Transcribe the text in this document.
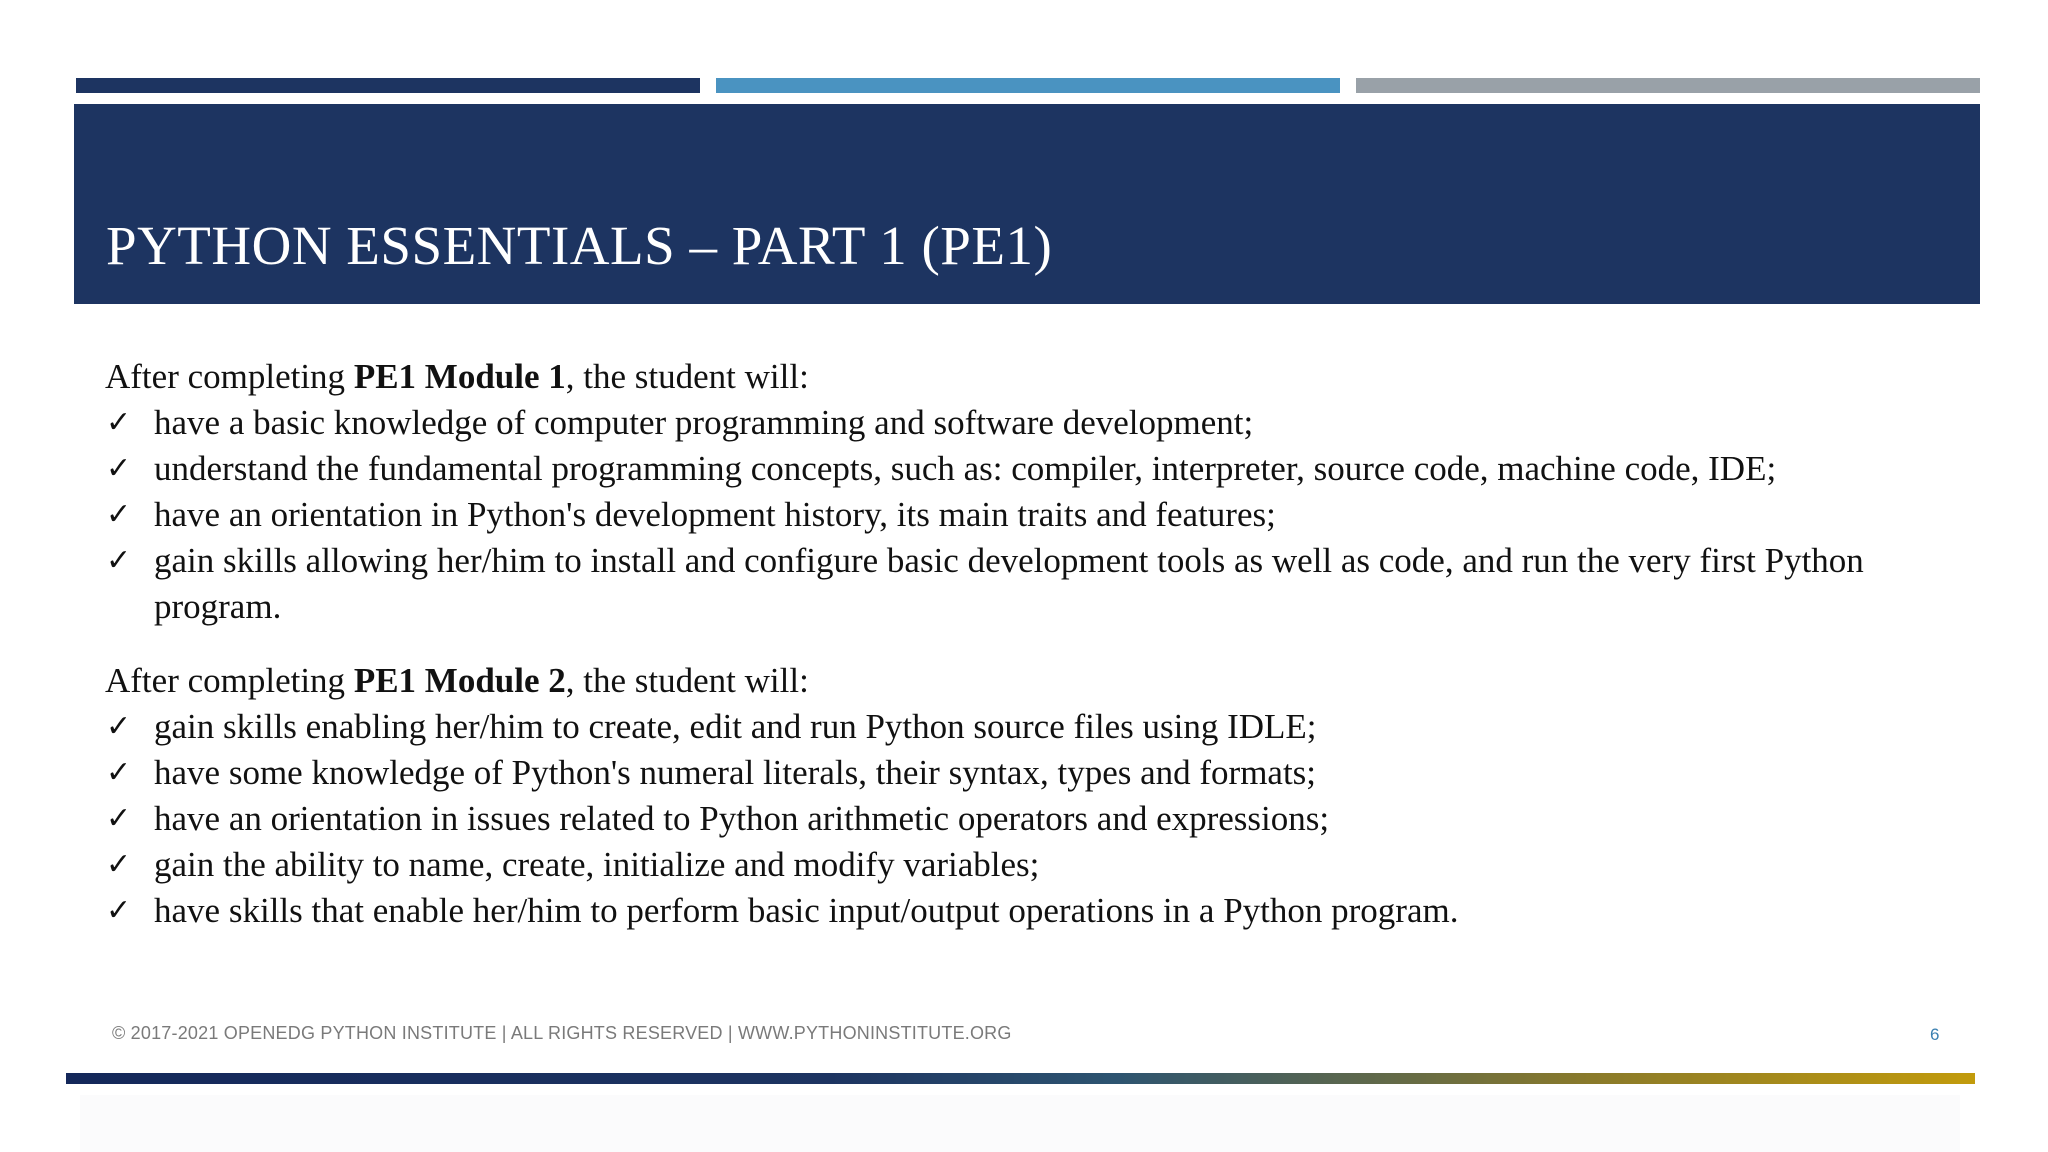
PYTHON ESSENTIALS – PART 1 (PE1)

After completing PE1 Module 1, the student will:

✓ have a basic knowledge of computer programming and software development;
✓ understand the fundamental programming concepts, such as: compiler, interpreter, source code, machine code, IDE;
✓ have an orientation in Python's development history, its main traits and features;
✓ gain skills allowing her/him to install and configure basic development tools as well as code, and run the very first Python program.

After completing PE1 Module 2, the student will:

✓ gain skills enabling her/him to create, edit and run Python source files using IDLE;
✓ have some knowledge of Python's numeral literals, their syntax, types and formats;
✓ have an orientation in issues related to Python arithmetic operators and expressions;
✓ gain the ability to name, create, initialize and modify variables;
✓ have skills that enable her/him to perform basic input/output operations in a Python program.
© 2017-2021 OPENEDG PYTHON INSTITUTE | ALL RIGHTS RESERVED | WWW.PYTHONINSTITUTE.ORG	6
